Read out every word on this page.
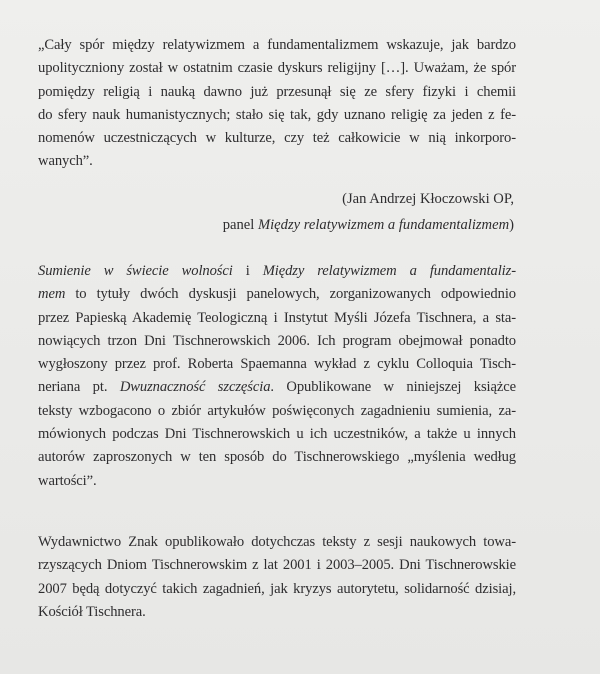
„Cały spór między relatywizmem a fundamentalizmem wskazuje, jak bardzo
upolityczniony został w ostatnim czasie dyskurs religijny […]. Uważam, że spór
pomiędzy religią i nauką dawno już przesunął się ze sfery fizyki i chemii
do sfery nauk humanistycznych; stało się tak, gdy uznano religię za jeden z fe-
nomenów uczestniczących w kulturze, czy też całkowicie w nią inkorporo-
wanych”.
(Jan Andrzej Kłoczowski OP,
panel Między relatywizmem a fundamentalizmem)
Sumienie w świecie wolności i Między relatywizmem a fundamentaliz-
mem to tytuły dwóch dyskusji panelowych, zorganizowanych odpowiednio
przez Papieską Akademię Teologiczną i Instytut Myśli Józefa Tischnera, a sta-
nowiących trzon Dni Tischnerowskich 2006. Ich program obejmował ponadto
wygłoszony przez prof. Roberta Spaemanna wykład z cyklu Colloquia Tisch-
neriana pt. Dwuznaczność szczęścia. Opublikowane w niniejszej książce
teksty wzbogacono o zbiór artykułów poświęconych zagadnieniu sumienia, za-
mówionych podczas Dni Tischnerowskich u ich uczestników, a także u innych
autorów zaproszonych w ten sposób do Tischnerowskiego „myślenia według
wartości”.
Wydawnictwo Znak opublikowało dotychczas teksty z sesji naukowych towa-
rzyszących Dniom Tischnerowskim z lat 2001 i 2003–2005. Dni Tischnerowskie
2007 będą dotyczyć takich zagadnień, jak kryzys autorytetu, solidarność dzisiaj,
Kościół Tischnera.
